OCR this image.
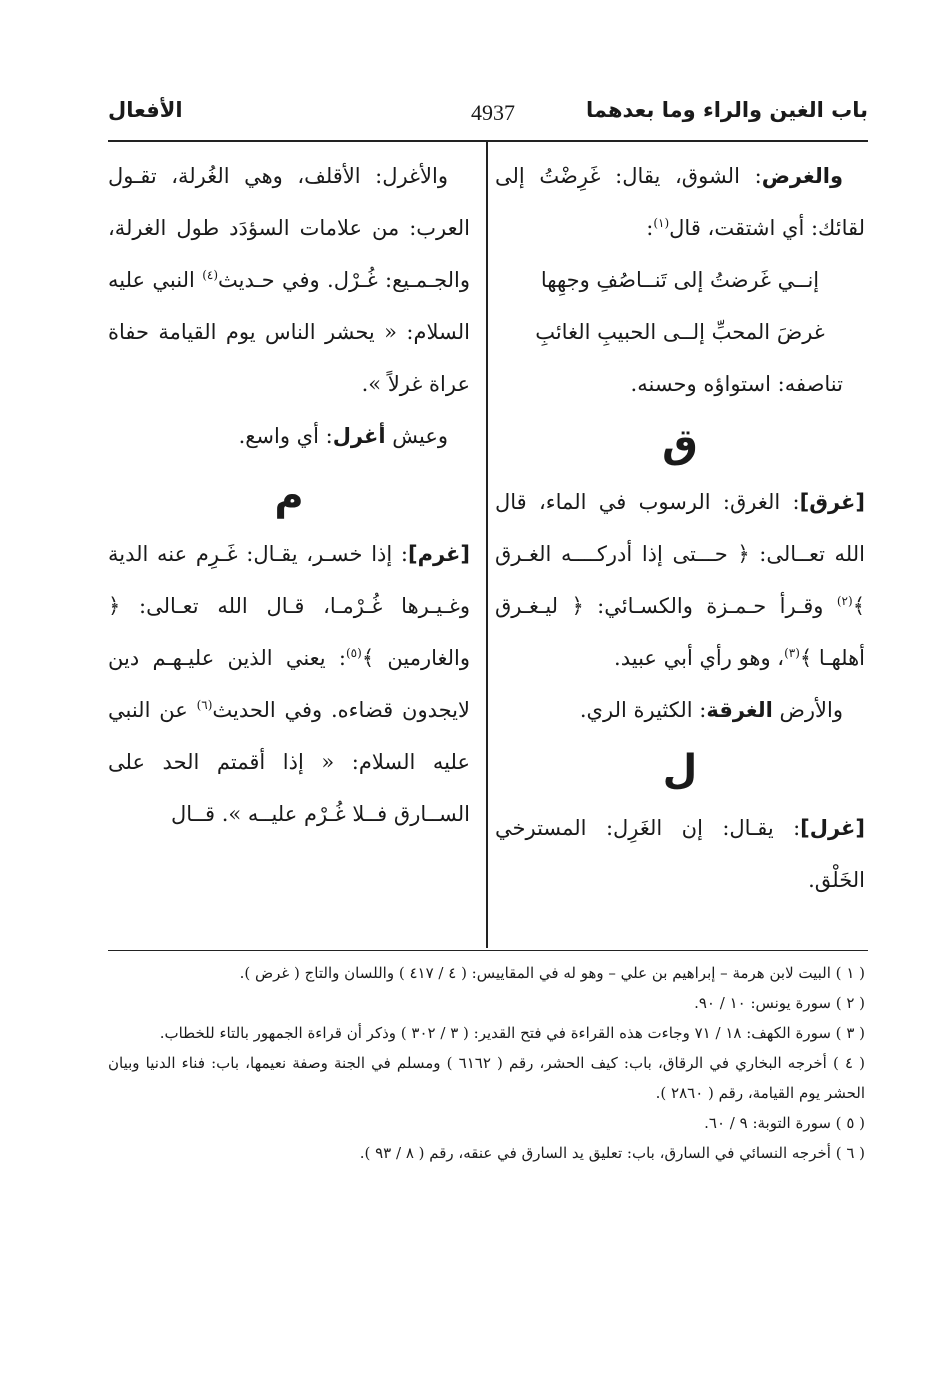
باب الغين والراء وما بعدهما
4937
الأفعال

والغرض: الشوق، يقال: غَرِضْتُ إلى لقائك: أي اشتقت، قال$^{(١)}$:

إنــي غَرضتُ إلى تَنــاصُفِ وجهِها

غرضَ المحبِّ إلــى الحبيبِ الغائبِ

تناصفه: استواؤه وحسنه.

ق

[غرق]: الغرق: الرسوب في الماء، قال الله تعــالى: ﴿ حـــتى إذا أدركــــه الغـرق ﴾$^{(٢)}$ وقـرأ حـمـزة والكسـائي: ﴿ ليـغـرق أهلهـا ﴾$^{(٣)}$، وهو رأي أبي عبيد.

والأرض الغرقة: الكثيرة الري.

ل

[غرل]: يقـال: إن الغَرِل: المسترخي الخَلْق.

والأغرل: الأقلف، وهي الغُرلة، تقـول العرب: من علامات السؤدَد طول الغرلة، والجـمـيع: غُـرْل. وفي حـديث$^{(٤)}$ النبي عليه السلام: « يحشر الناس يوم القيامة حفاة عراة غرلاً ».

وعيش أغرل: أي واسع.

م

[غرم]: إذا خسـر، يقـال: غَـرِم عنه الدية وغـيـرها غُـرْمـا، قـال الله تعـالى: ﴿ والغارمين ﴾$^{(٥)}$: يعني الذين عليـهـم دين لايجدون قضاءه. وفي الحديث$^{(٦)}$ عن النبي عليه السلام: « إذا أقمتم الحد على الســارق فــلا غُـرْم عليــه ». قــال

( ١ ) البيت لابن هرمة – إبراهيم بن علي – وهو له في المقاييس: ( ٤ / ٤١٧ ) واللسان والتاج ( غرض ).

( ٢ ) سورة يونس: ١٠ / ٩٠.

( ٣ ) سورة الكهف: ١٨ / ٧١ وجاءت هذه القراءة في فتح القدير: ( ٣ / ٣٠٢ ) وذكر أن قراءة الجمهور بالتاء للخطاب.

( ٤ ) أخرجه البخاري في الرقاق، باب: كيف الحشر، رقم ( ٦١٦٢ ) ومسلم في الجنة وصفة نعيمها، باب: فناء الدنيا وبيان الحشر يوم القيامة، رقم ( ٢٨٦٠ ).

( ٥ ) سورة التوبة: ٩ / ٦٠.

( ٦ ) أخرجه النسائي في السارق، باب: تعليق يد السارق في عنقه، رقم ( ٨ / ٩٣ ).
